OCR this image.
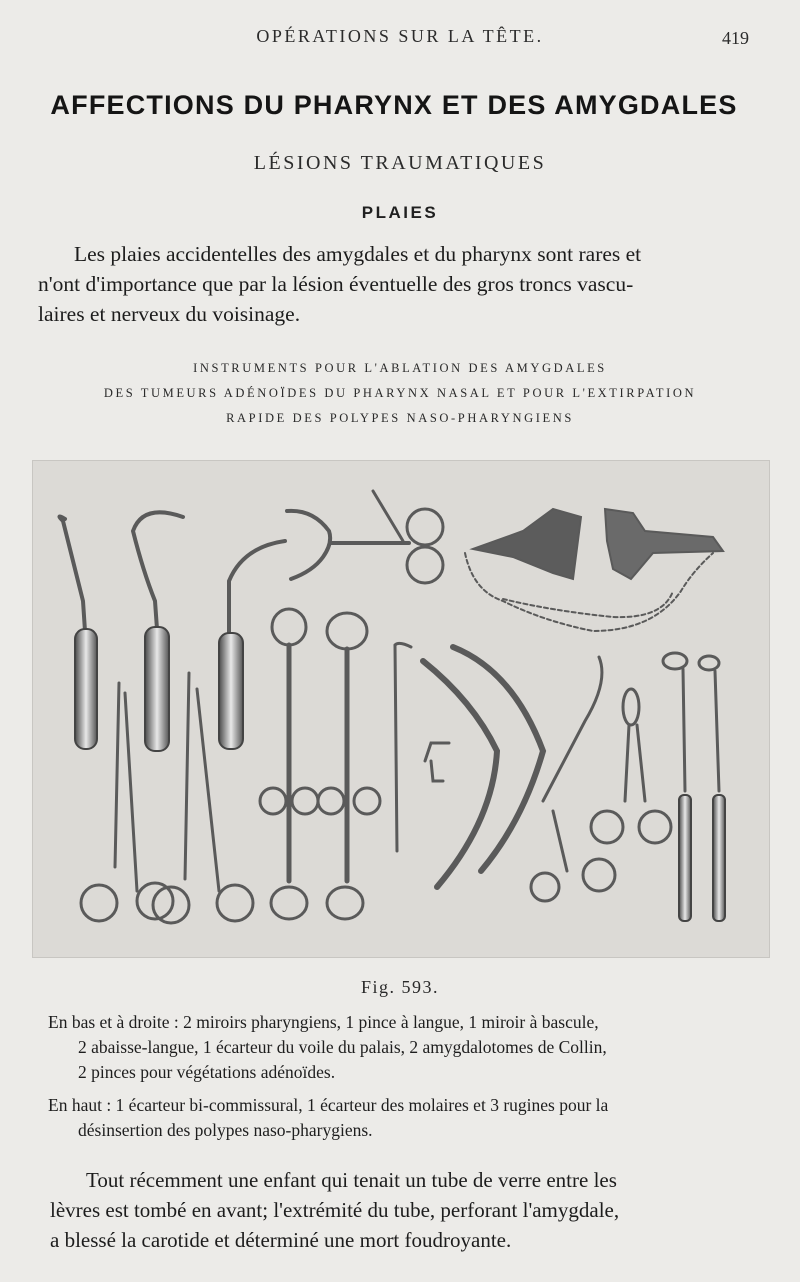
OPÉRATIONS SUR LA TÊTE.	419
AFFECTIONS DU PHARYNX ET DES AMYGDALES
LÉSIONS TRAUMATIQUES
PLAIES
Les plaies accidentelles des amygdales et du pharynx sont rares et
n'ont d'importance que par la lésion éventuelle des gros troncs vascu-
laires et nerveux du voisinage.
INSTRUMENTS POUR L'ABLATION DES AMYGDALES
DES TUMEURS ADÉNOÏDES DU PHARYNX NASAL ET POUR L'EXTIRPATION
RAPIDE DES POLYPES NASO-PHARYNGIENS
Fig. 593.
En bas et à droite : 2 miroirs pharyngiens, 1 pince à langue, 1 miroir à bascule,
2 abaisse-langue, 1 écarteur du voile du palais, 2 amygdalotomes de Collin,
2 pinces pour végétations adénoïdes.
En haut : 1 écarteur bi-commissural, 1 écarteur des molaires et 3 rugines pour la
désinsertion des polypes naso-pharygiens.
Tout récemment une enfant qui tenait un tube de verre entre les
lèvres est tombé en avant; l'extrémité du tube, perforant l'amygdale,
a blessé la carotide et déterminé une mort foudroyante.
